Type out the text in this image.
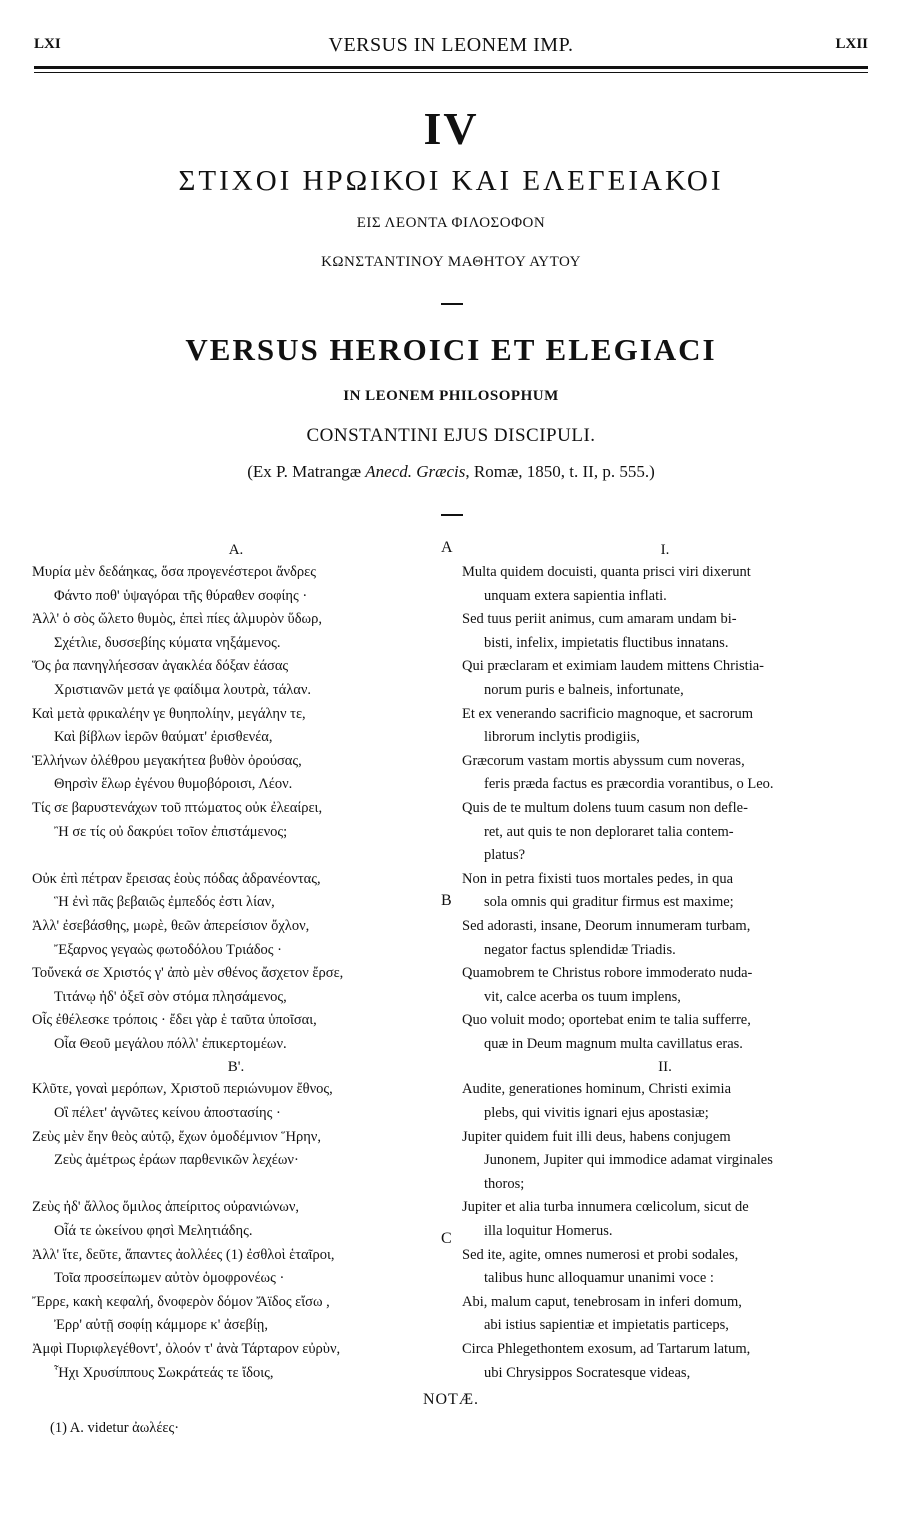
LXI	VERSUS IN LEONEM IMP.	LXII
IV
ΣΤΙΧΟΙ ΗΡΩΙΚΟΙ ΚΑΙ ΕΛΕΓΕΙΑΚΟΙ
ΕΙΣ ΛΕΟΝΤΑ ΦΙΛΟΣΟΦΟΝ
ΚΩΝΣΤΑΝΤΙΝΟΥ ΜΑΘΗΤΟΥ ΑΥΤΟΥ
VERSUS HEROICI ET ELEGIACI
IN LEONEM PHILOSOPHUM
CONSTANTINI EJUS DISCIPULI.
(Ex P. Matrangæ Anecd. Græcis, Romæ, 1850, t. II, p. 555.)
A
B
C
Α.
Μυρία μὲν δεδάηκας, ὅσα προγενέστεροι ἄνδρες
Φάντο ποθ' ὑψαγόραι τῆς θύραθεν σοφίης ·
Ἀλλ' ὁ σὸς ὤλετο θυμὸς, ἐπεὶ πίες ἁλμυρὸν ὕδωρ,
Σχέτλιε, δυσσεβίης κύματα νηξάμενος.
Ὅς ῥα πανηγλήεσσαν ἀγακλέα δόξαν ἐάσας
Χριστιανῶν μετά γε φαίδιμα λουτρὰ, τάλαν.
Καὶ μετὰ φρικαλέην γε θυηπολίην, μεγάλην τε,
Καὶ βίβλων ἱερῶν θαύματ' ἐρισθενέα,
Ἑλλήνων ὀλέθρου μεγακήτεα βυθὸν ὀρούσας,
Θηρσὶν ἕλωρ ἐγένου θυμοβόροισι, Λέον.
Τίς σε βαρυστενάχων τοῦ πτώματος οὐκ ἐλεαίρει,
Ἢ σε τίς οὐ δακρύει τοῖον ἐπιστάμενος;
Οὐκ ἐπὶ πέτραν ἔρεισας ἑοὺς πόδας ἀδρανέοντας,
Ἣ ἐνὶ πᾶς βεβαιῶς ἐμπεδός ἐστι λίαν,
Ἀλλ' ἐσεβάσθης, μωρὲ, θεῶν ἀπερείσιον ὄχλον,
Ἔξαρνος γεγαὼς φωτοδόλου Τριάδος ·
Τοὔνεκά σε Χριστός γ' ἀπὸ μὲν σθένος ἄσχετον ἔρσε,
Τιτάνῳ ἠδ' ὀξεῖ σὸν στόμα πλησάμενος,
Οἷς ἐθέλεσκε τρόποις · ἔδει γὰρ ἑ ταῦτα ὑποῖσαι,
Οἷα Θεοῦ μεγάλου πόλλ' ἐπικερτομέων.
Β'.
Κλῦτε, γοναὶ μερόπων, Χριστοῦ περιώνυμον ἔθνος,
Οἳ πέλετ' ἀγνῶτες κείνου ἀποστασίης ·
Ζεὺς μὲν ἔην θεὸς αὐτῷ, ἔχων ὁμοδέμνιον Ἥρην,
Ζεὺς ἀμέτρως ἐράων παρθενικῶν λεχέων·
Ζεὺς ἠδ' ἄλλος ὅμιλος ἀπείριτος οὐρανιώνων,
Οἷά τε ὠκείνου φησὶ Μελητιάδης.
Ἀλλ' ἴτε, δεῦτε, ἅπαντες ἀολλέες (1) ἐσθλοὶ ἑταῖροι,
Τοῖα προσείπωμεν αὐτὸν ὁμοφρονέως ·
Ἔρρε, κακὴ κεφαλή, δνοφερὸν δόμον Ἄϊδος εἴσω ,
Ἐρρ' αὐτῇ σοφίῃ κάμμορε κ' ἀσεβίῃ,
Ἀμφὶ Πυριφλεγέθοντ', ὀλοόν τ' ἀνὰ Τάρταρον εὐρὺν,
Ἧχι Χρυσίππους Σωκράτεάς τε ἴδοις,
I.
Multa quidem docuisti, quanta prisci viri dixerunt
unquam extera sapientia inflati.
Sed tuus periit animus, cum amaram undam bi-
bisti, infelix, impietatis fluctibus innatans.
Qui præclaram et eximiam laudem mittens Christia-
norum puris e balneis, infortunate,
Et ex venerando sacrificio magnoque, et sacrorum
librorum inclytis prodigiis,
Græcorum vastam mortis abyssum cum noveras,
feris præda factus es præcordia vorantibus, o Leo.
Quis de te multum dolens tuum casum non defle-
ret, aut quis te non deploraret talia contem-
platus?
Non in petra fixisti tuos mortales pedes, in qua
sola omnis qui graditur firmus est maxime;
Sed adorasti, insane, Deorum innumeram turbam,
negator factus splendidæ Triadis.
Quamobrem te Christus robore immoderato nuda-
vit, calce acerba os tuum implens,
Quo voluit modo; oportebat enim te talia sufferre,
quæ in Deum magnum multa cavillatus eras.
II.
Audite, generationes hominum, Christi eximia
plebs, qui vivitis ignari ejus apostasiæ;
Jupiter quidem fuit illi deus, habens conjugem
Junonem, Jupiter qui immodice adamat virginales
thoros;
Jupiter et alia turba innumera cœlicolum, sicut de
illa loquitur Homerus.
Sed ite, agite, omnes numerosi et probi sodales,
talibus hunc alloquamur unanimi voce :
Abi, malum caput, tenebrosam in inferi domum,
abi istius sapientiæ et impietatis particeps,
Circa Phlegethontem exosum, ad Tartarum latum,
ubi Chrysippos Socratesque videas,
NOTÆ.
(1) A. videtur ἀωλέες·
